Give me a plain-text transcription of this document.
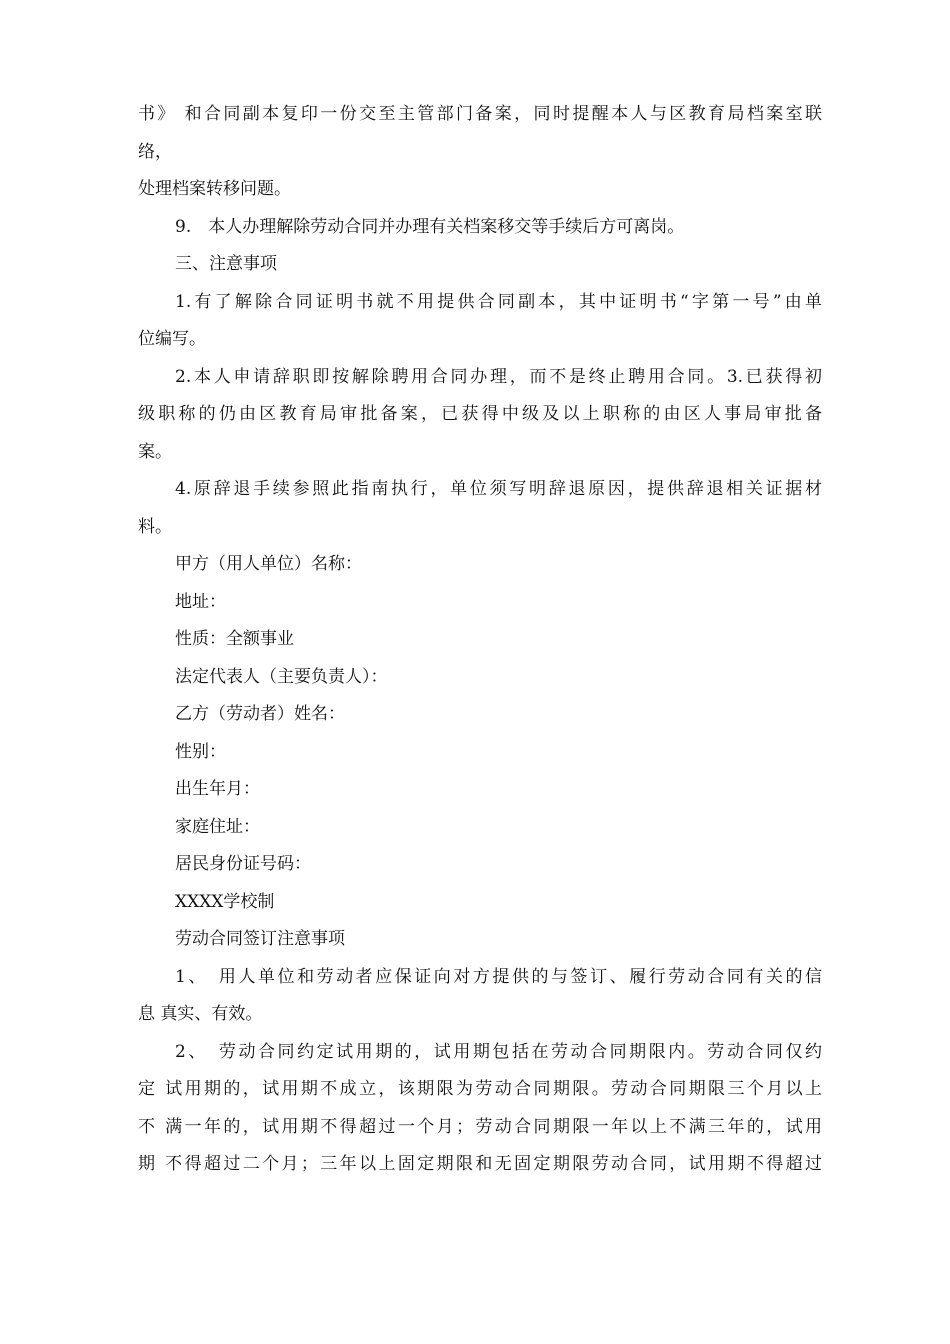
书》 和合同副本复印一份交至主管部门备案，同时提醒本人与区教育局档案室联
络，
处理档案转移问题。
9.　本人办理解除劳动合同并办理有关档案移交等手续后方可离岗。
三、注意事项
1.有了解除合同证明书就不用提供合同副本，其中证明书“字第一号”由单
位编写。
2.本人申请辞职即按解除聘用合同办理，而不是终止聘用合同。3.已获得初
级职称的仍由区教育局审批备案，已获得中级及以上职称的由区人事局审批备
案。
4.原辞退手续参照此指南执行，单位须写明辞退原因，提供辞退相关证据材
料。
甲方（用人单位）名称：
地址：
性质：全额事业
法定代表人（主要负责人）：
乙方（劳动者）姓名：
性别：
出生年月：
家庭住址：
居民身份证号码：
XXXX学校制
劳动合同签订注意事项
1、　用人单位和劳动者应保证向对方提供的与签订、履行劳动合同有关的信
息 真实、有效。
2、　劳动合同约定试用期的，试用期包括在劳动合同期限内。劳动合同仅约
定 试用期的，试用期不成立，该期限为劳动合同期限。劳动合同期限三个月以上
不 满一年的，试用期不得超过一个月；劳动合同期限一年以上不满三年的，试用
期 不得超过二个月；三年以上固定期限和无固定期限劳动合同，试用期不得超过
